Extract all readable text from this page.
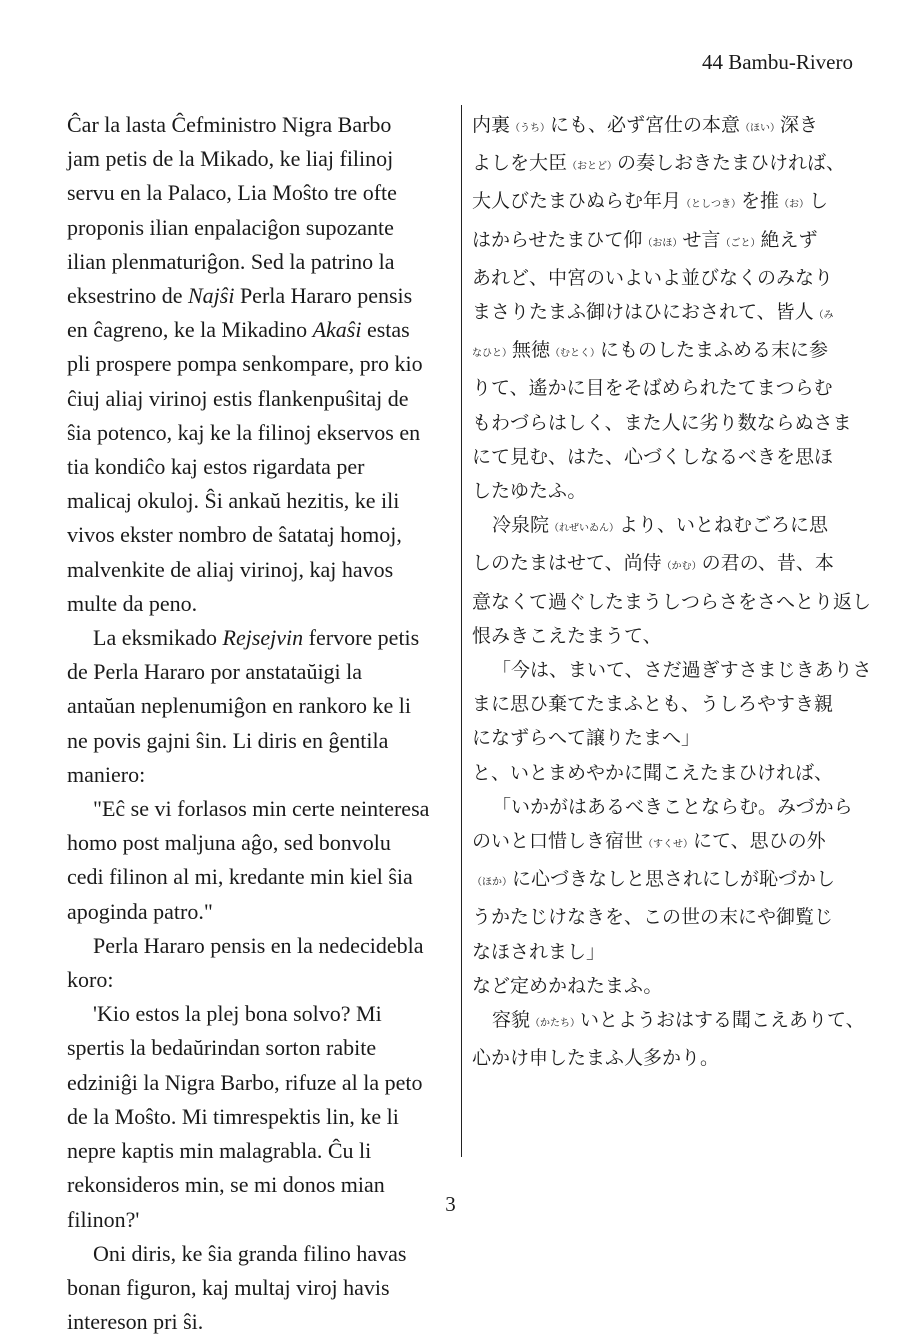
44 Bambu-Rivero
Ĉar la lasta Ĉefministro Nigra Barbo
jam petis de la Mikado, ke liaj filinoj
servu en la Palaco, Lia Moŝto tre ofte
proponis ilian enpalaciĝon supozante
ilian plenmaturiĝon. Sed la patrino la
eksestrino de Najŝi Perla Hararo pensis
en ĉagreno, ke la Mikadino Akaŝi estas
pli prospere pompa senkompare, pro kio
ĉiuj aliaj virinoj estis flankenpuŝitaj de
ŝia potenco, kaj ke la filinoj ekservos en
tia kondiĉo kaj estos rigardata per
malicaj okuloj. Ŝi ankaŭ hezitis, ke ili
vivos ekster nombro de ŝatataj homoj,
malvenkite de aliaj virinoj, kaj havos
multe da peno.
La eksmikado Rejsejvin fervore petis
de Perla Hararo por anstataŭigi la
antaŭan neplenumiĝon en rankoro ke li
ne povis gajni ŝin. Li diris en ĝentila
maniero:
"Eĉ se vi forlasos min certe neinteresa
homo post maljuna aĝo, sed bonvolu
cedi filinon al mi, kredante min kiel ŝia
apoginda patro."
Perla Hararo pensis en la nedecidebla
koro:
'Kio estos la plej bona solvo? Mi
spertis la bedaŭrindan sorton rabite
edziniĝi la Nigra Barbo, rifuze al la peto
de la Moŝto. Mi timrespektis lin, ke li
nepre kaptis min malagrabla. Ĉu li
rekonsideros min, se mi donos mian
filinon?'
Oni diris, ke ŝia granda filino havas
bonan figuron, kaj multaj viroj havis
intereson pri ŝi.
内裏（うち）にも、必ず宮仕の本意（ほい）深き
よしを大臣（おとど）の奏しおきたまひければ、
大人びたまひぬらむ年月（としつき）を推（お）し
はからせたまひて仰（おほ）せ言（ごと）絶えず
あれど、中宮のいよいよ並びなくのみなり
まさりたまふ御けはひにおされて、皆人（み
なひと）無徳（むとく）にものしたまふめる末に参
りて、遙かに目をそばめられたてまつらむ
もわづらはしく、また人に劣り数ならぬさま
にて見む、はた、心づくしなるべきを思ほ
したゆたふ。
冷泉院（れぜいゐん）より、いとねむごろに思
しのたまはせて、尚侍（かむ）の君の、昔、本
意なくて過ぐしたまうしつらさをさへとり返し
恨みきこえたまうて、
「今は、まいて、さだ過ぎすさまじきありさ
まに思ひ棄てたまふとも、うしろやすき親
になずらへて譲りたまへ」
と、いとまめやかに聞こえたまひければ、
「いかがはあるべきことならむ。みづから
のいと口惜しき宿世（すくせ）にて、思ひの外
（ほか）に心づきなしと思されにしが恥づかし
うかたじけなきを、この世の末にや御覧じ
なほされまし」
など定めかねたまふ。
容貌（かたち）いとようおはする聞こえありて、
心かけ申したまふ人多かり。
3
